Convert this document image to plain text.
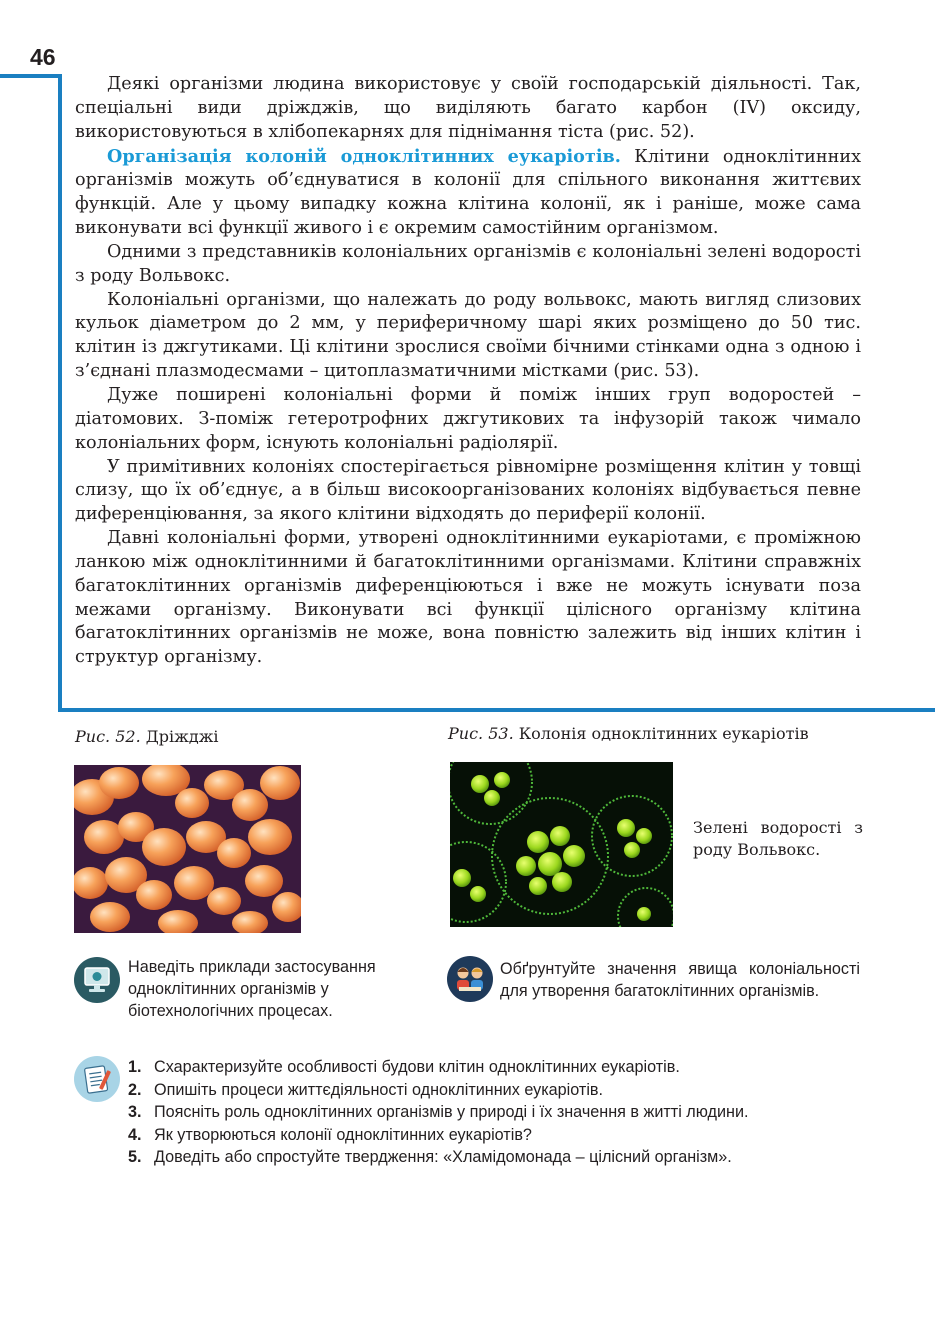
46

Деякі організми людина використовує у своїй господарській діяльності. Так, спеціальні види дріжджів, що виділяють багато карбон (IV) оксиду, використовуються в хлібопекарнях для піднімання тіста (рис. 52).

Організація колоній одноклітинних еукаріотів. Клітини одноклітинних організмів можуть об’єднуватися в колонії для спільного виконання життєвих функцій. Але у цьому випадку кожна клітина колонії, як і раніше, може сама виконувати всі функції живого і є окремим самостійним організмом.

Одними з представників колоніальних організмів є колоніальні зелені водорості з роду Вольвокс.

Колоніальні організми, що належать до роду вольвокс, мають вигляд слизових кульок діаметром до 2 мм, у периферичному шарі яких розміщено до 50 тис. клітин із джгутиками. Ці клітини зрослися своїми бічними стінками одна з одною і з’єднані плазмодесмами – цитоплазматичними містками (рис. 53).

Дуже поширені колоніальні форми й поміж інших груп водоростей – діатомових. З-поміж гетеротрофних джгутикових та інфузорій також чимало колоніальних форм, існують колоніальні радіолярії.

У примітивних колоніях спостерігається рівномірне розміщення клітин у товщі слизу, що їх об’єднує, а в більш високоорганізованих колоніях відбувається певне диференціювання, за якого клітини відходять до периферії колонії.

Давні колоніальні форми, утворені одноклітинними еукаріотами, є проміжною ланкою між одноклітинними й багатоклітинними організмами. Клітини справжніх багатоклітинних організмів диференціюються і вже не можуть існувати поза межами організму. Виконувати всі функції цілісного організму клітина багатоклітинних організмів не може, вона повністю залежить від інших клітин і структур організму.

Рис. 52. Дріжджі	Рис. 53. Колонія одноклітинних еукаріотів
Зелені водорості з роду Вольвокс.
Наведіть приклади застосування одноклітинних організмів у біотехнологічних процесах.
Обґрунтуйте значення явища колоніальності для утворення багатоклітинних організмів.
1. Схарактеризуйте особливості будови клітин одноклітинних еукаріотів.
2. Опишіть процеси життєдіяльності одноклітинних еукаріотів.
3. Поясніть роль одноклітинних організмів у природі і їх значення в житті людини.
4. Як утворюються колонії одноклітинних еукаріотів?
5. Доведіть або спростуйте твердження: «Хламідомонада – цілісний організм».
